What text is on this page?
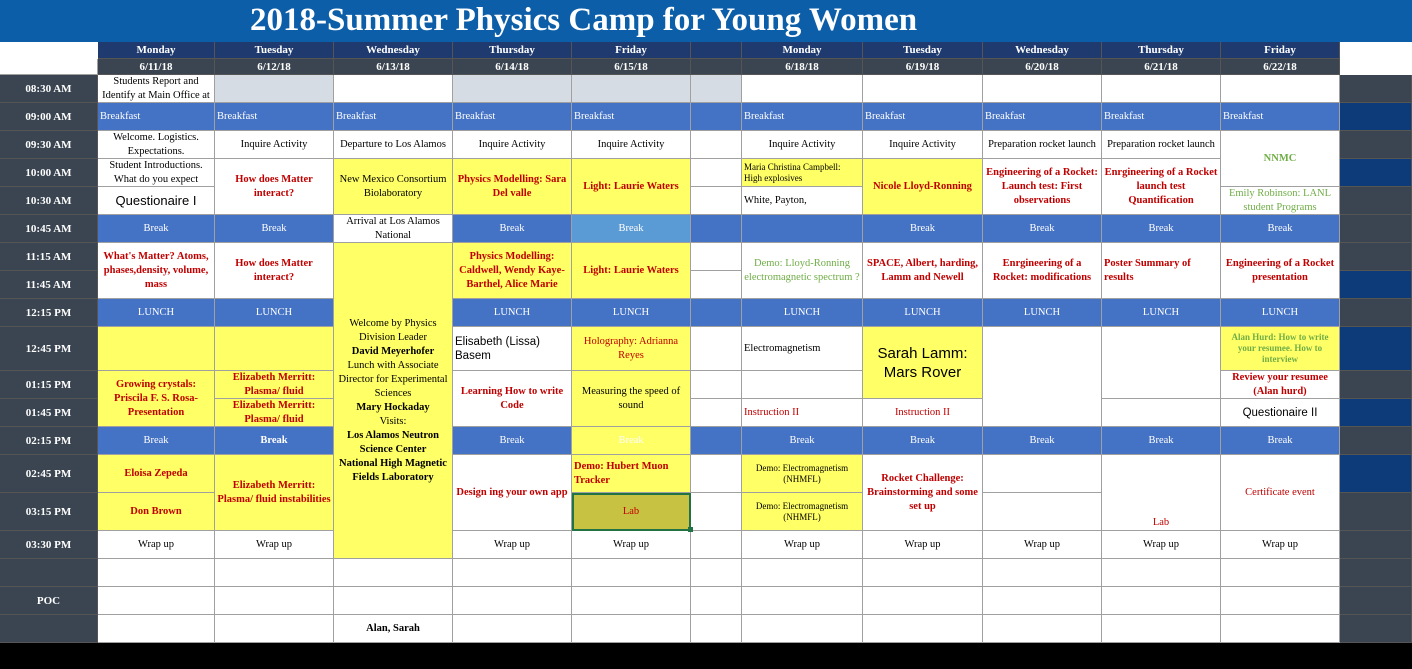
2018-Summer Physics Camp for Young Women
Monday
6/11/18
Tuesday
6/12/18
Wednesday
6/13/18
Thursday
6/14/18
Friday
6/15/18
Monday
6/18/18
Tuesday
6/19/18
Wednesday
6/20/18
Thursday
6/21/18
Friday
6/22/18
08:30 AM
09:00 AM
09:30 AM
10:00 AM
10:30 AM
10:45 AM
11:15 AM
11:45 AM
12:15 PM
12:45 PM
01:15 PM
01:45 PM
02:15 PM
02:45 PM
03:15 PM
03:30 PM
POC
Students Report and Identify at Main Office at
Breakfast
Welcome. Logistics. Expectations.
Student Introductions. What do you expect
Questionaire I
Break
What's Matter? Atoms, phases,density, volume, mass
LUNCH
Growing crystals: Priscila F. S. Rosa- Presentation
Break
Eloisa Zepeda
Don Brown
Wrap up
Breakfast
Inquire Activity
How does Matter interact?
Break
How does Matter interact?
LUNCH
Elizabeth Merritt: Plasma/ fluid
Elizabeth Merritt: Plasma/ fluid
Break
Elizabeth Merritt: Plasma/ fluid instabilities
Wrap up
Breakfast
Departure to Los Alamos
New Mexico Consortium Biolaboratory
Arrival at Los Alamos National
Welcome by Physics Division Leader
David Meyerhofer
Lunch with Associate Director for Experimental Sciences
Mary Hockaday
Visits:
Los Alamos Neutron Science Center
National High Magnetic Fields Laboratory
Alan, Sarah
Breakfast
Inquire Activity
Physics Modelling: Sara Del valle
Break
Physics Modelling: Caldwell, Wendy Kaye-Barthel, Alice Marie
LUNCH
Elisabeth (Lissa) Basem
Learning How to write Code
Break
Design ing your own app
Wrap up
Breakfast
Inquire Activity
Light: Laurie Waters
Break
Light: Laurie Waters
LUNCH
Holography: Adrianna Reyes
Measuring the speed of sound
Break
Demo: Hubert Muon Tracker
Lab
Wrap up
Breakfast
Inquire Activity
Maria Christina Campbell: High explosives
White, Payton,
Demo: Lloyd-Ronning electromagnetic spectrum ?
LUNCH
Electromagnetism
Instruction II
Break
Demo: Electromagnetism (NHMFL)
Demo: Electromagnetism (NHMFL)
Wrap up
Breakfast
Inquire Activity
Nicole Lloyd-Ronning
Break
SPACE, Albert, harding, Lamm and Newell
LUNCH
Sarah Lamm: Mars Rover
Instruction II
Break
Rocket Challenge: Brainstorming and some set up
Wrap up
Breakfast
Preparation rocket launch
Engineering of a Rocket: Launch test: First observations
Break
Enrgineering of a Rocket: modifications
LUNCH
Break
Wrap up
Breakfast
Preparation rocket launch
Enrgineering of a Rocket launch test Quantification
Break
Poster Summary of results
LUNCH
Break
Lab
Wrap up
Breakfast
NNMC
Emily Robinson: LANL student Programs
Break
Engineering of a Rocket presentation
LUNCH
Alan Hurd: How to write your resumee. How to interview
Review your resumee (Alan hurd)
Questionaire II
Break
Certificate event
Wrap up
